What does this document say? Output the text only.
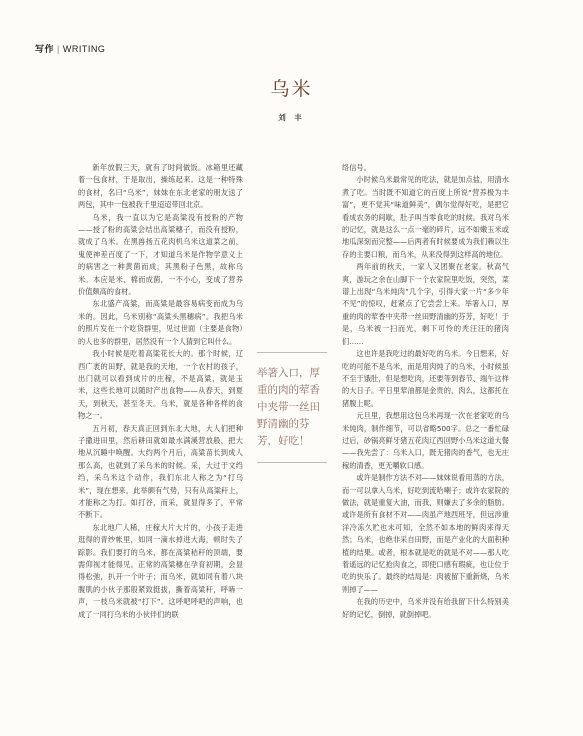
写作 | WRITING
乌米
刘 丰

新年放假三天，就有了时间做饭。冰箱里还藏着一包食材，于是取出，操练起来。这是一种特殊的食材，名曰“乌米”，妹妹在东北老家的朋友送了两包，其中一包被我千里迢迢带回北京。

乌米，我一直以为它是高粱没有授粉的产物——授了粉的高粱会结出高粱穗子，而没有授粉，就成了乌米。在黑兽扬五花肉机乌米这道菜之前，鬼使神差百度了一下，才知道乌米是作物学意义上的病害之一种黄菌而成，其黑粉子色黑，故称乌米。本应是米、棉而成菌，一不小心，变成了营养价值颇高的食材。

东北盛产高粱，而高粱是最容易病变而成为乌米的。因此，乌米别称“高粱头黑穗病”。我把乌米的照片发在一个吃货群里，见过世面（主要是食物）的人也多的群里，居然没有一个人猜到它叫什么。

我小时候是吃着高粱花长大的。那个时候，辽西广袤的田野，就是我的天地，一个农村的孩子，出门就可以看到成片的庄稼，不是高粱，就是玉米，这些长地可以随时产出食物——从春天，到夏天，到秋天，甚至冬天。乌米，就是各种各样的食物之一。

五月初，春天真正回到东北大地，大人们把种子撒进田里，然后耕田就如最水满溪营放般，把大地从沉睡中唤醒。大约两个月后，高粱苗长到成人那么高，也就到了采乌米的时候。采，大过于文绉绉，采乌米这个动作，我们东北人称之为“打乌米”，现在想来，此举颇有气势，只有从高粱秆上，才能称之为打。如打谷，而采，就显得多了，平常不断下。

东北地广人稀，庄稼大片大片的，小孩子走进逛得的青纱帐里，如同一滴水掉进大海，顿时失了踪影。我们要打的乌米，都在高粱秸秆的顶端，要需仰视才能得见。正常的高粱穗在孕育初期，会显得松弛，扒开一个叶子；而乌米，就如同有着八块腹肌的小伙子那般紧致挺拔，撕着高粱秆，呼哧一声，一枝乌米就被“打下”。这呼吧呼吧的声响，也成了一同打乌米的小伙伴们的联

举箸入口，厚重的肉的荤香中夹带一丝田野清幽的芬芳，好吃！

络信号。

小时候乌米最常见的吃法，就是加点盐，用清水煮了吃。当时既不知道它的百度上所说“营养极为丰富”，更不觉其“味道鲜美”，偶尔觉得好吃，是把它看成农务的间歇，肚子叫当零食吃的时候。我对乌米的记忆，就是这么一点一毫的碎片，远不如嫩玉米或地瓜深刻而完整——后两者有时候要成为我们赖以生存的主要口粮，而乌米，从来没得到这样高的地位。

两年前的秋天，一家人又团聚在老家。秋高气爽，游玩之余在山脚下一个农家院里吃饭，突然，菜谱上出现“乌米炖肉”几个字，引得大家一片“多少年不见”的惊叹，赶紧点了它尝尝上来。举箸入口，厚重的肉的荤香中夹带一丝田野清幽的芬芳，好吃！于是，乌米被一扫而光，剩下可怜的秃汪汪的猪肉们……

这也许是我吃过的最好吃的乌米。今日想来，好吃的可能不是乌米，而是用肉炖了的乌米，小时候虽不至于饿肚，但是想吃肉，还要等到春节、端午这样的大日子。平日里荤油都是金贵的，肉么，这都托在猪腹上呢。

元旦里，我想用这包乌米再现一次在老家吃的乌米炖肉，制作细节，可以省略500字。总之一番忙碌过后，砂锅亮鲜牙猪五花肉辽西回野小乌米这道大餐——我先尝了：乌米入口，既无猪肉的香气，也无庄稼的清香，更无嚼软口感。

或许是制作方法不对——妹妹说看用蒸的方法，而一可以拿入乌米，好吃到流哈喇子；或许农家院的做法，就是重复大油，而我，则嫌去了多余的脂肪。或许是所有食材不对——肉虽产地西班牙，但远涉重洋冷冻久贮也未可知，全然不如本地的鲜肉来得天然；乌米，也绝非采自田野，而是产业化的大面积种植的结果。或者，根本就是吃的就是不对——那人吃着遥远的记忆抢肉食之，即使口感有瑕疵，也让位于吃的快乐了。最终的结局是：肉被留下重新烧，乌米则掉了——

在我的历史中，乌米并没有给我留下什么特别美好的记忆，倒掉，就倒掉吧。
